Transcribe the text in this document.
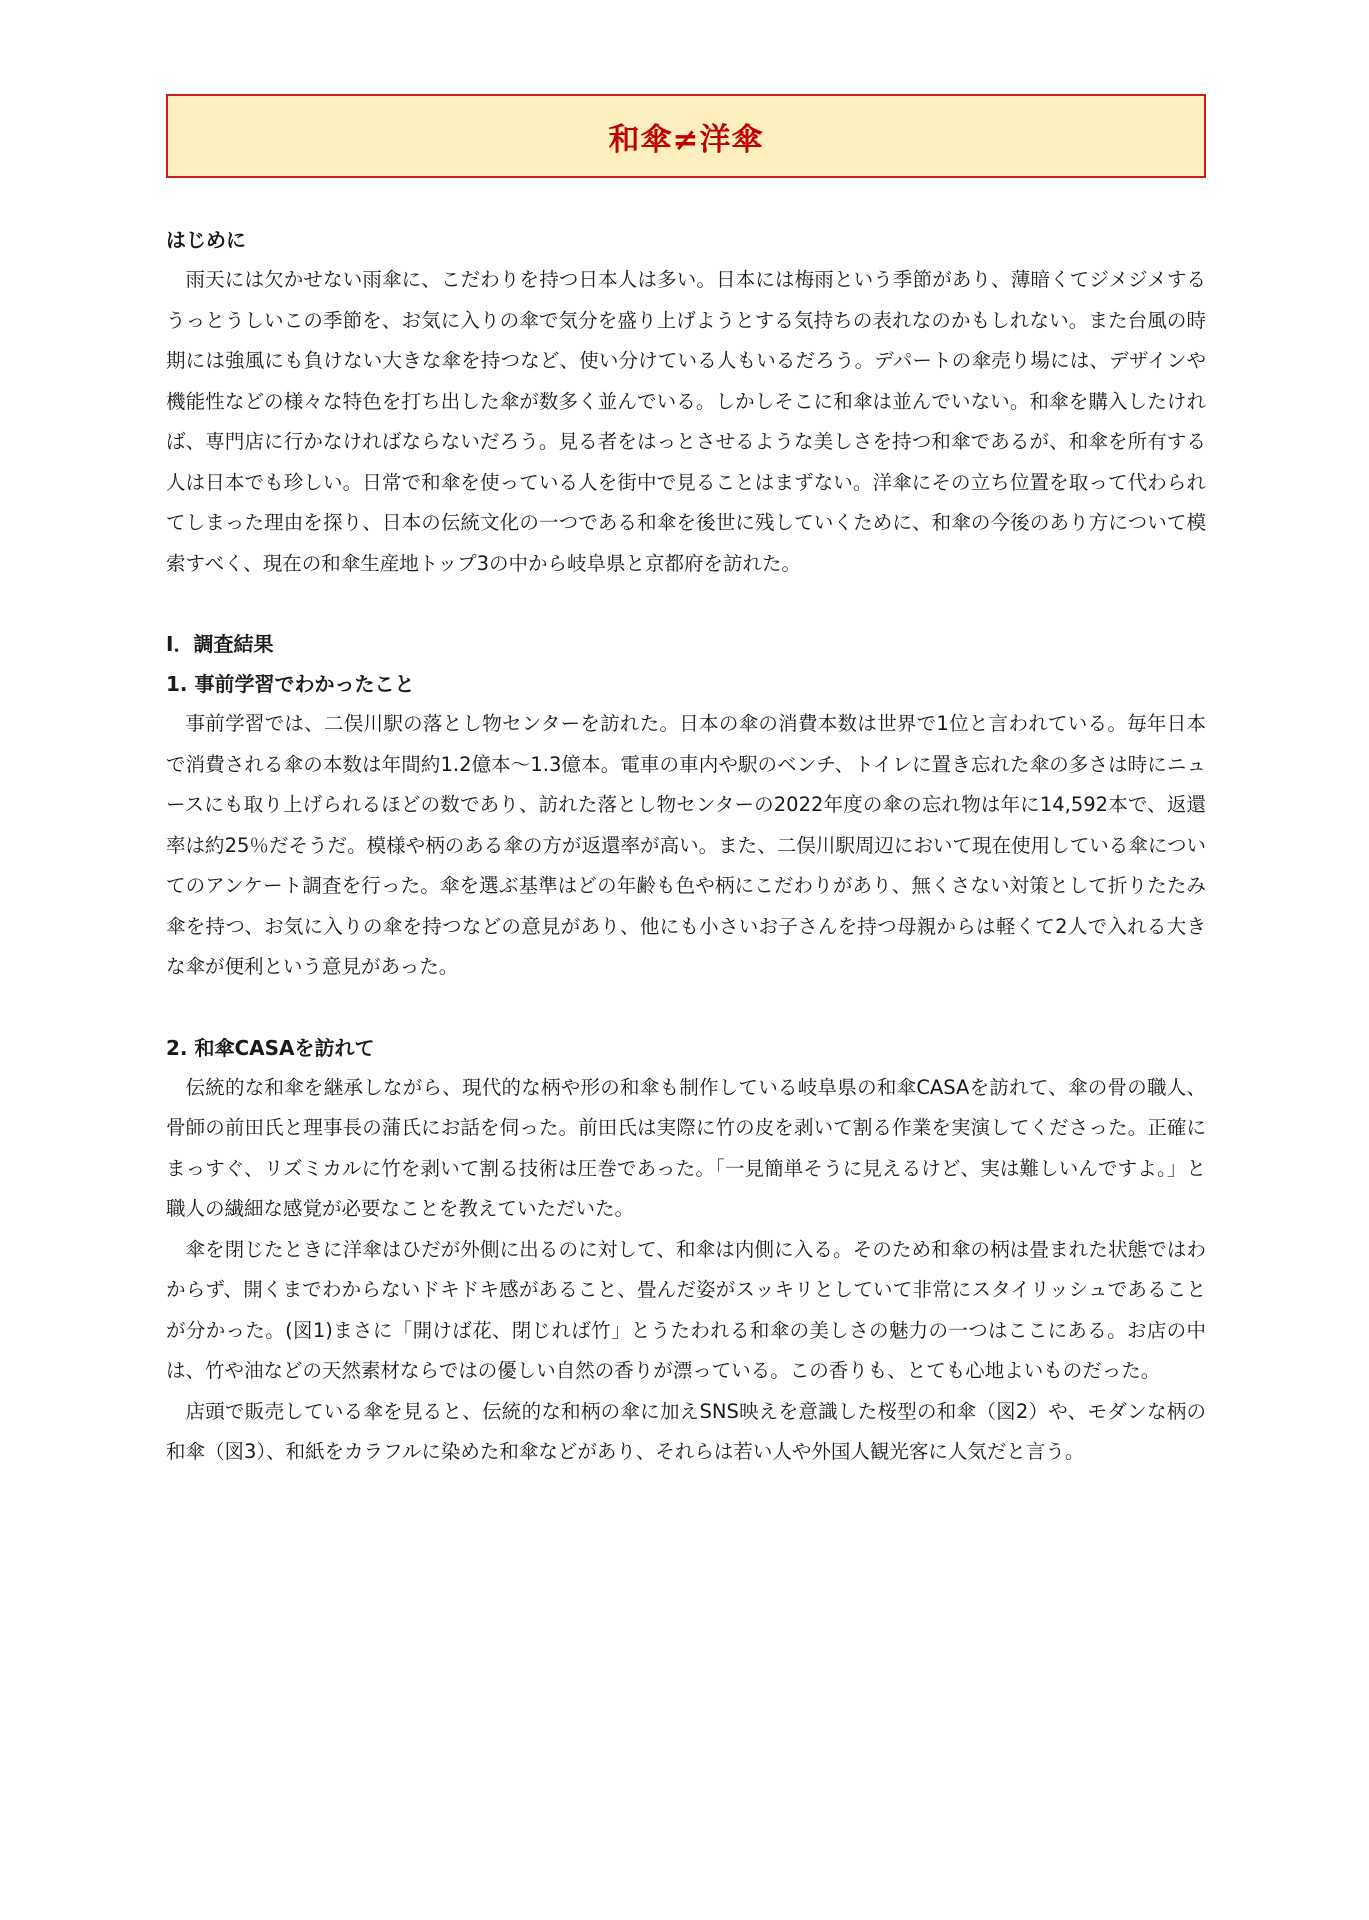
和傘≠洋傘
はじめに

雨天には欠かせない雨傘に、こだわりを持つ日本人は多い。日本には梅雨という季節があり、薄暗くてジメジメするうっとうしいこの季節を、お気に入りの傘で気分を盛り上げようとする気持ちの表れなのかもしれない。また台風の時期には強風にも負けない大きな傘を持つなど、使い分けている人もいるだろう。デパートの傘売り場には、デザインや機能性などの様々な特色を打ち出した傘が数多く並んでいる。しかしそこに和傘は並んでいない。和傘を購入したければ、専門店に行かなければならないだろう。見る者をはっとさせるような美しさを持つ和傘であるが、和傘を所有する人は日本でも珍しい。日常で和傘を使っている人を街中で見ることはまずない。洋傘にその立ち位置を取って代わられてしまった理由を探り、日本の伝統文化の一つである和傘を後世に残していくために、和傘の今後のあり方について模索すべく、現在の和傘生産地トップ3の中から岐阜県と京都府を訪れた。

Ⅰ．調査結果
1. 事前学習でわかったこと

事前学習では、二俣川駅の落とし物センターを訪れた。日本の傘の消費本数は世界で1位と言われている。毎年日本で消費される傘の本数は年間約1.2億本～1.3億本。電車の車内や駅のベンチ、トイレに置き忘れた傘の多さは時にニュースにも取り上げられるほどの数であり、訪れた落とし物センターの2022年度の傘の忘れ物は年に14,592本で、返還率は約25％だそうだ。模様や柄のある傘の方が返還率が高い。また、二俣川駅周辺において現在使用している傘についてのアンケート調査を行った。傘を選ぶ基準はどの年齢も色や柄にこだわりがあり、無くさない対策として折りたたみ傘を持つ、お気に入りの傘を持つなどの意見があり、他にも小さいお子さんを持つ母親からは軽くて2人で入れる大きな傘が便利という意見があった。

2. 和傘CASAを訪れて

伝統的な和傘を継承しながら、現代的な柄や形の和傘も制作している岐阜県の和傘CASAを訪れて、傘の骨の職人、骨師の前田氏と理事長の蒲氏にお話を伺った。前田氏は実際に竹の皮を剥いて割る作業を実演してくださった。正確にまっすぐ、リズミカルに竹を剥いて割る技術は圧巻であった。「一見簡単そうに見えるけど、実は難しいんですよ。」と職人の繊細な感覚が必要なことを教えていただいた。

傘を閉じたときに洋傘はひだが外側に出るのに対して、和傘は内側に入る。そのため和傘の柄は畳まれた状態ではわからず、開くまでわからないドキドキ感があること、畳んだ姿がスッキリとしていて非常にスタイリッシュであることが分かった。(図1)まさに「開けば花、閉じれば竹」とうたわれる和傘の美しさの魅力の一つはここにある。お店の中は、竹や油などの天然素材ならではの優しい自然の香りが漂っている。この香りも、とても心地よいものだった。

店頭で販売している傘を見ると、伝統的な和柄の傘に加えSNS映えを意識した桜型の和傘（図2）や、モダンな柄の和傘（図3）、和紙をカラフルに染めた和傘などがあり、それらは若い人や外国人観光客に人気だと言う。
